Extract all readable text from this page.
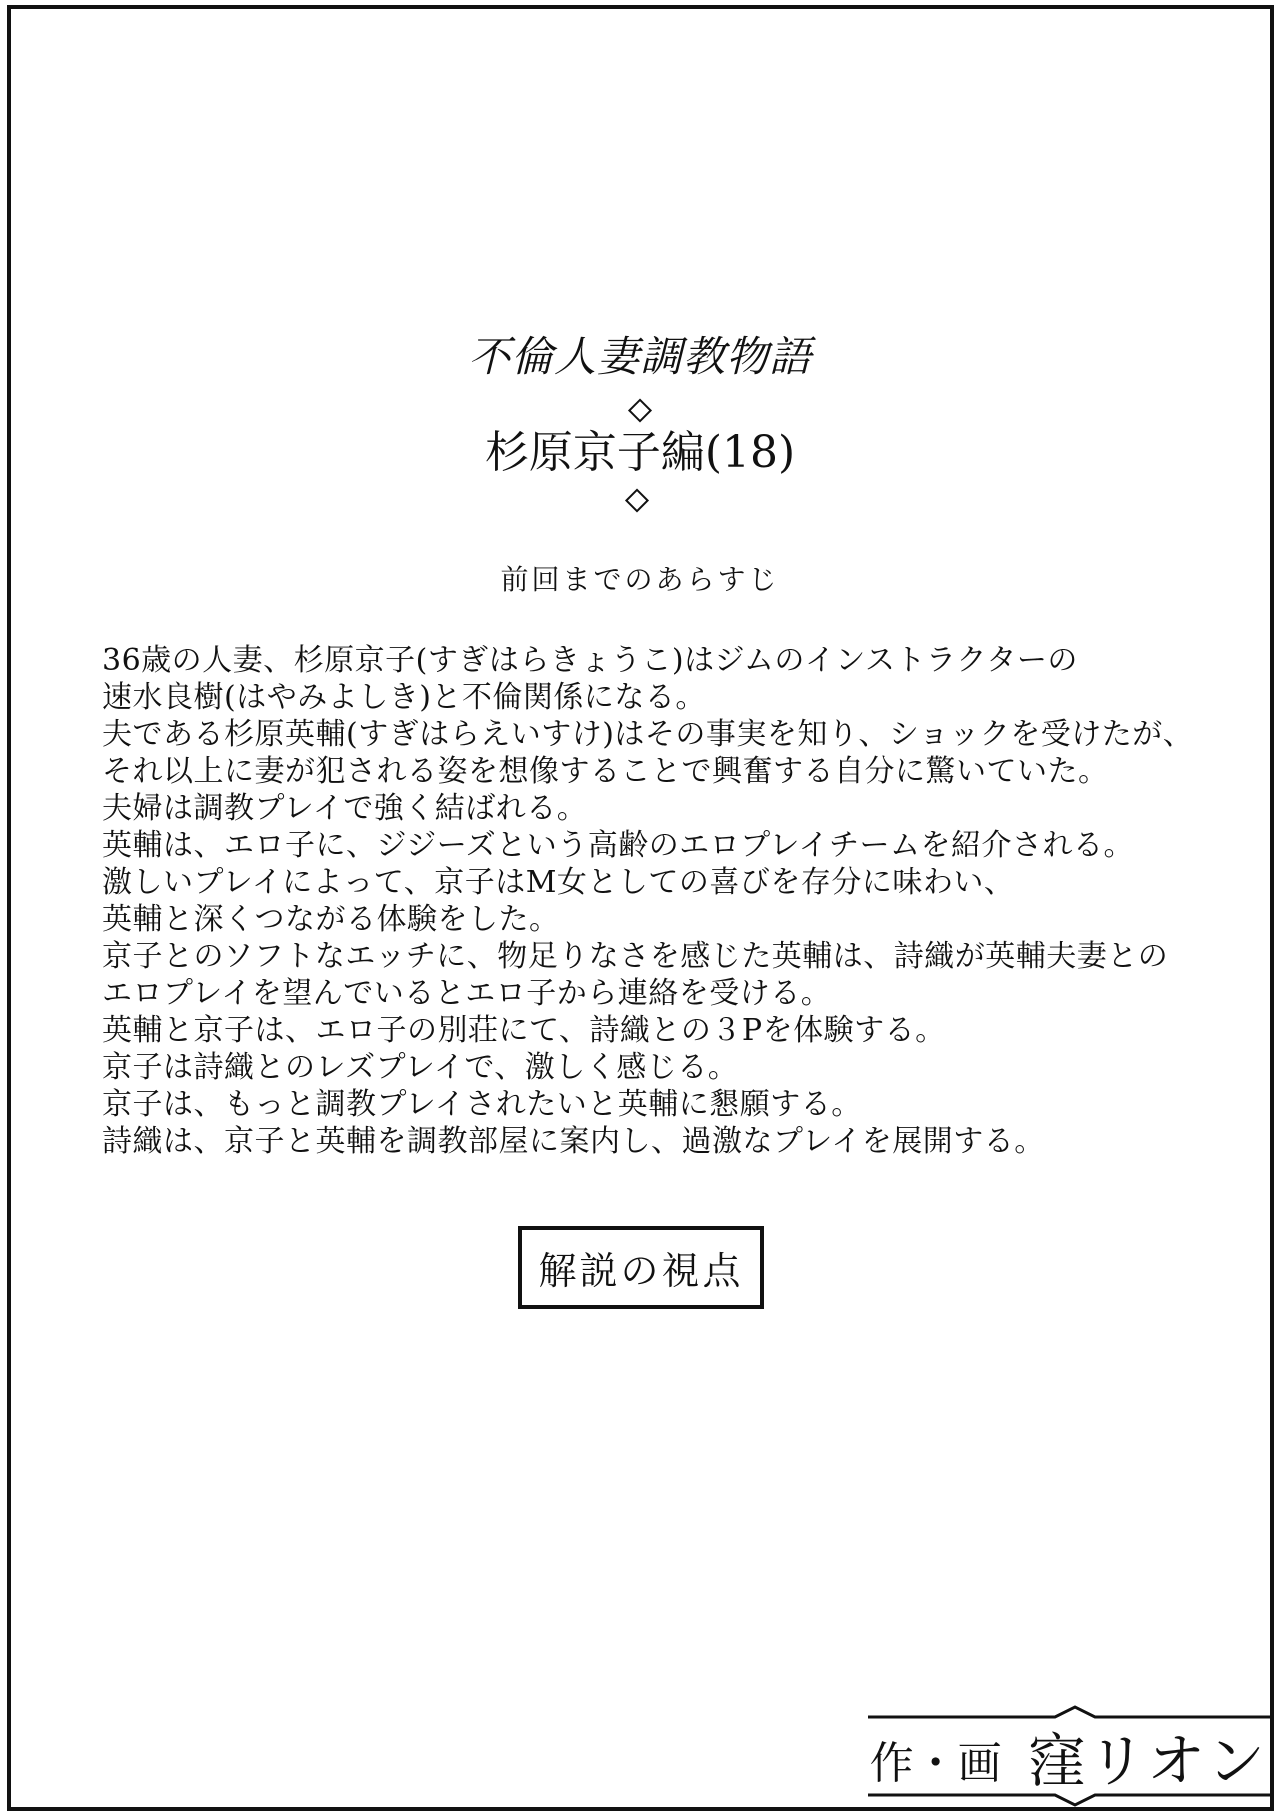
不倫人妻調教物語
杉原京子編(18)
前回までのあらすじ
36歳の人妻、杉原京子(すぎはらきょうこ)はジムのインストラクターの
速水良樹(はやみよしき)と不倫関係になる。
夫である杉原英輔(すぎはらえいすけ)はその事実を知り、ショックを受けたが、
それ以上に妻が犯される姿を想像することで興奮する自分に驚いていた。
夫婦は調教プレイで強く結ばれる。
英輔は、エロ子に、ジジーズという高齢のエロプレイチームを紹介される。
激しいプレイによって、京子はM女としての喜びを存分に味わい、
英輔と深くつながる体験をした。
京子とのソフトなエッチに、物足りなさを感じた英輔は、詩織が英輔夫妻との
エロプレイを望んでいるとエロ子から連絡を受ける。
英輔と京子は、エロ子の別荘にて、詩織との３Pを体験する。
京子は詩織とのレズプレイで、激しく感じる。
京子は、もっと調教プレイされたいと英輔に懇願する。
詩織は、京子と英輔を調教部屋に案内し、過激なプレイを展開する。
解説の視点
作・画 窪リオン
